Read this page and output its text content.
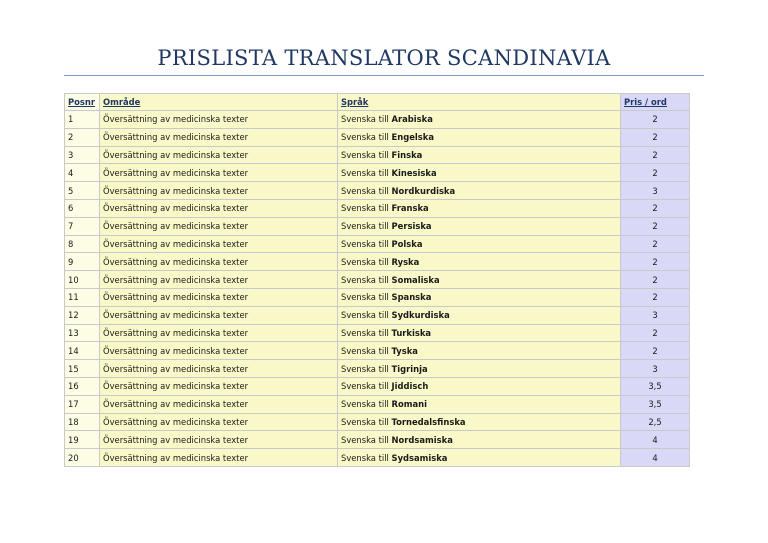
PRISLISTA TRANSLATOR SCANDINAVIA
Posnr	Område	Språk	Pris / ord
1	Översättning av medicinska texter	Svenska till Arabiska	2
2	Översättning av medicinska texter	Svenska till Engelska	2
3	Översättning av medicinska texter	Svenska till Finska	2
4	Översättning av medicinska texter	Svenska till Kinesiska	2
5	Översättning av medicinska texter	Svenska till Nordkurdiska	3
6	Översättning av medicinska texter	Svenska till Franska	2
7	Översättning av medicinska texter	Svenska till Persiska	2
8	Översättning av medicinska texter	Svenska till Polska	2
9	Översättning av medicinska texter	Svenska till Ryska	2
10	Översättning av medicinska texter	Svenska till Somaliska	2
11	Översättning av medicinska texter	Svenska till Spanska	2
12	Översättning av medicinska texter	Svenska till Sydkurdiska	3
13	Översättning av medicinska texter	Svenska till Turkiska	2
14	Översättning av medicinska texter	Svenska till Tyska	2
15	Översättning av medicinska texter	Svenska till Tigrinja	3
16	Översättning av medicinska texter	Svenska till Jiddisch	3,5
17	Översättning av medicinska texter	Svenska till Romani	3,5
18	Översättning av medicinska texter	Svenska till Tornedalsfinska	2,5
19	Översättning av medicinska texter	Svenska till Nordsamiska	4
20	Översättning av medicinska texter	Svenska till Sydsamiska	4
